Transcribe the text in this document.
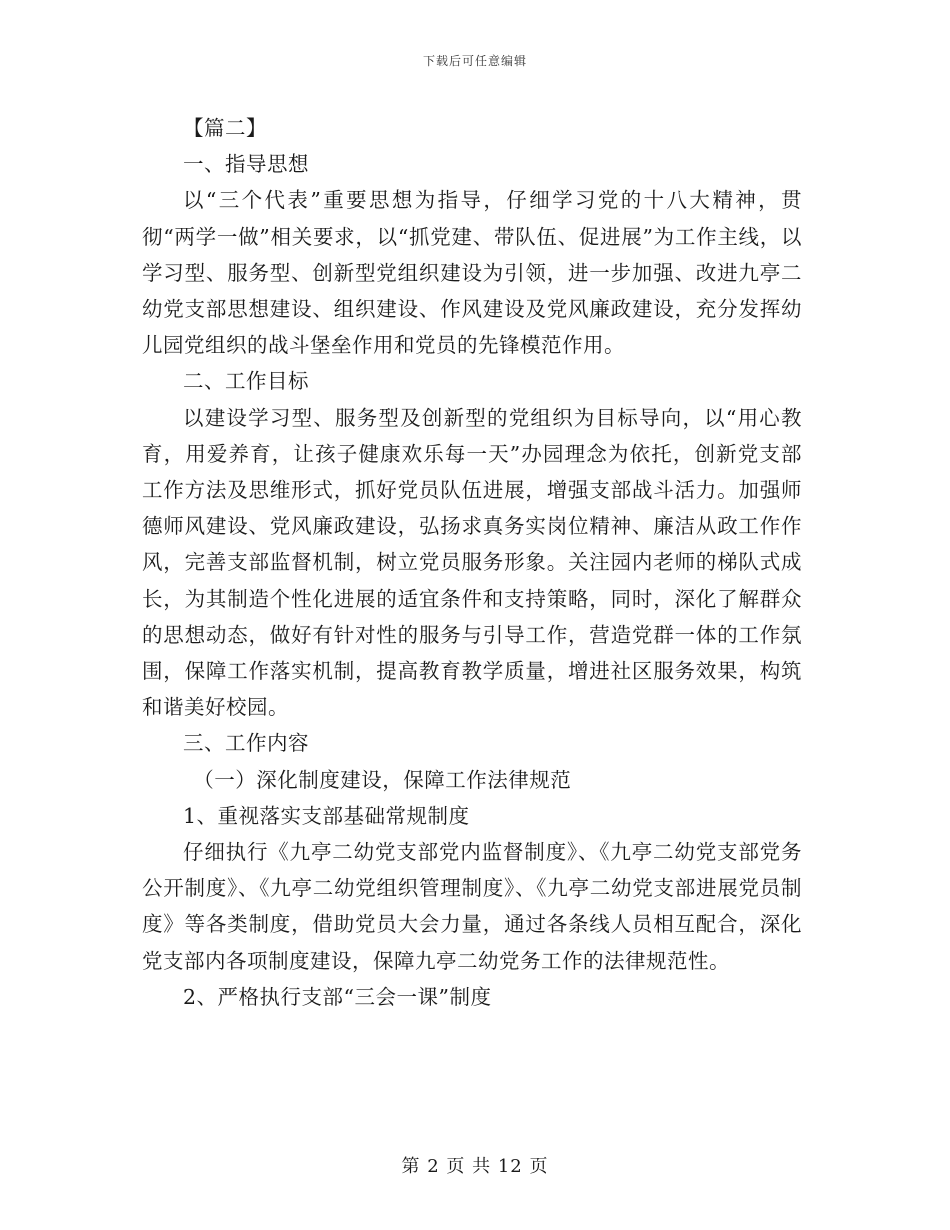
下载后可任意编辑

【篇二】

一、指导思想

以“三个代表”重要思想为指导，仔细学习党的十八大精神，贯彻“两学一做”相关要求，以“抓党建、带队伍、促进展”为工作主线，以学习型、服务型、创新型党组织建设为引领，进一步加强、改进九亭二幼党支部思想建设、组织建设、作风建设及党风廉政建设，充分发挥幼儿园党组织的战斗堡垒作用和党员的先锋模范作用。

二、工作目标

以建设学习型、服务型及创新型的党组织为目标导向，以“用心教育，用爱养育，让孩子健康欢乐每一天”办园理念为依托，创新党支部工作方法及思维形式，抓好党员队伍进展，增强支部战斗活力。加强师德师风建设、党风廉政建设，弘扬求真务实岗位精神、廉洁从政工作作风，完善支部监督机制，树立党员服务形象。关注园内老师的梯队式成长，为其制造个性化进展的适宜条件和支持策略，同时，深化了解群众的思想动态，做好有针对性的服务与引导工作，营造党群一体的工作氛围，保障工作落实机制，提高教育教学质量，增进社区服务效果，构筑和谐美好校园。

三、工作内容

（一）深化制度建设，保障工作法律规范

1、重视落实支部基础常规制度

仔细执行《九亭二幼党支部党内监督制度》、《九亭二幼党支部党务公开制度》、《九亭二幼党组织管理制度》、《九亭二幼党支部进展党员制度》等各类制度，借助党员大会力量，通过各条线人员相互配合，深化党支部内各项制度建设，保障九亭二幼党务工作的法律规范性。

2、严格执行支部“三会一课”制度

第 2 页 共 12 页
